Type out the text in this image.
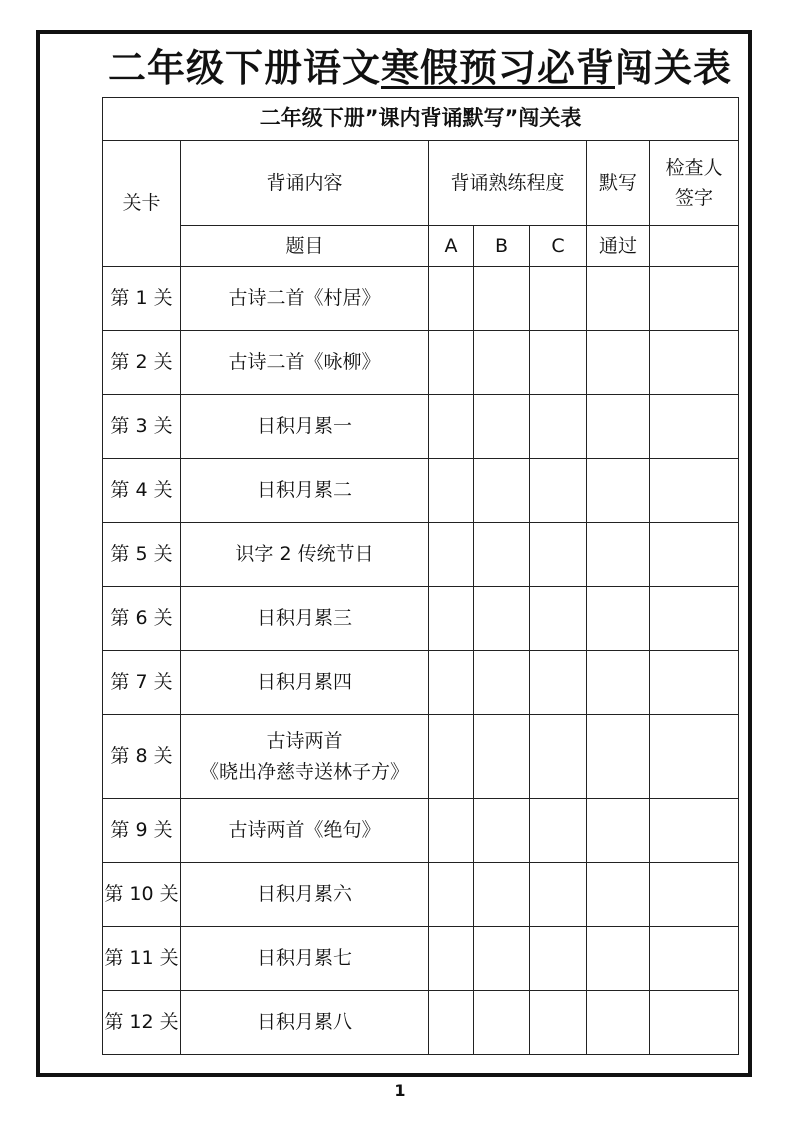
二年级下册语文寒假预习必背闯关表
二年级下册”课内背诵默写”闯关表						
关卡	背诵内容	背诵熟练程度			默写	检查人
签字
	题目	A	B	C	通过	
第 1 关	古诗二首《村居》					
第 2 关	古诗二首《咏柳》					
第 3 关	日积月累一					
第 4 关	日积月累二					
第 5 关	识字 2 传统节日					
第 6 关	日积月累三					
第 7 关	日积月累四					
第 8 关	古诗两首
《晓出净慈寺送林子方》					
第 9 关	古诗两首《绝句》					
第 10 关	日积月累六					
第 11 关	日积月累七					
第 12 关	日积月累八					
1
